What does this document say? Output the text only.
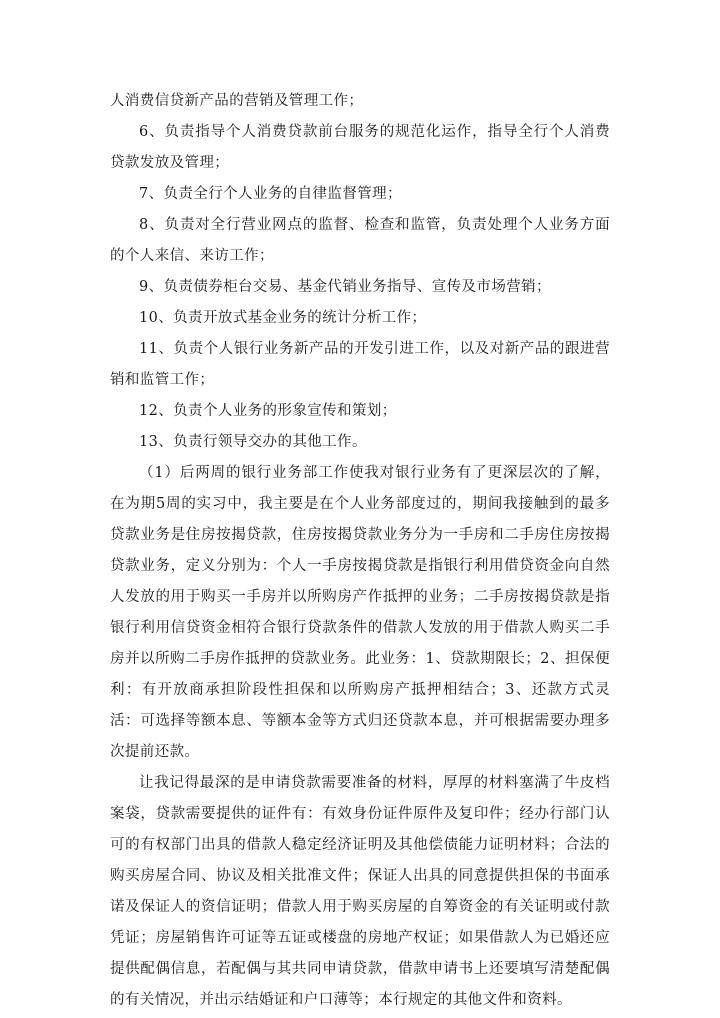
人消费信贷新产品的营销及管理工作；

6、负责指导个人消费贷款前台服务的规范化运作，指导全行个人消费贷款发放及管理；

7、负责全行个人业务的自律监督管理；

8、负责对全行营业网点的监督、检查和监管，负责处理个人业务方面的个人来信、来访工作；

9、负责债券柜台交易、基金代销业务指导、宣传及市场营销；

10、负责开放式基金业务的统计分析工作；

11、负责个人银行业务新产品的开发引进工作，以及对新产品的跟进营销和监管工作；

12、负责个人业务的形象宣传和策划；

13、负责行领导交办的其他工作。

（1）后两周的银行业务部工作使我对银行业务有了更深层次的了解，在为期5周的实习中，我主要是在个人业务部度过的，期间我接触到的最多贷款业务是住房按揭贷款，住房按揭贷款业务分为一手房和二手房住房按揭贷款业务，定义分别为：个人一手房按揭贷款是指银行利用借贷资金向自然人发放的用于购买一手房并以所购房产作抵押的业务；二手房按揭贷款是指银行利用信贷资金相符合银行贷款条件的借款人发放的用于借款人购买二手房并以所购二手房作抵押的贷款业务。此业务：1、贷款期限长；2、担保便利：有开放商承担阶段性担保和以所购房产抵押相结合；3、还款方式灵活：可选择等额本息、等额本金等方式归还贷款本息，并可根据需要办理多次提前还款。

让我记得最深的是申请贷款需要准备的材料，厚厚的材料塞满了牛皮档案袋，贷款需要提供的证件有：有效身份证件原件及复印件；经办行部门认可的有权部门出具的借款人稳定经济证明及其他偿债能力证明材料；合法的购买房屋合同、协议及相关批准文件；保证人出具的同意提供担保的书面承诺及保证人的资信证明；借款人用于购买房屋的自筹资金的有关证明或付款凭证；房屋销售许可证等五证或楼盘的房地产权证；如果借款人为已婚还应提供配偶信息，若配偶与其共同申请贷款，借款申请书上还要填写清楚配偶的有关情况，并出示结婚证和户口薄等；本行规定的其他文件和资料。
